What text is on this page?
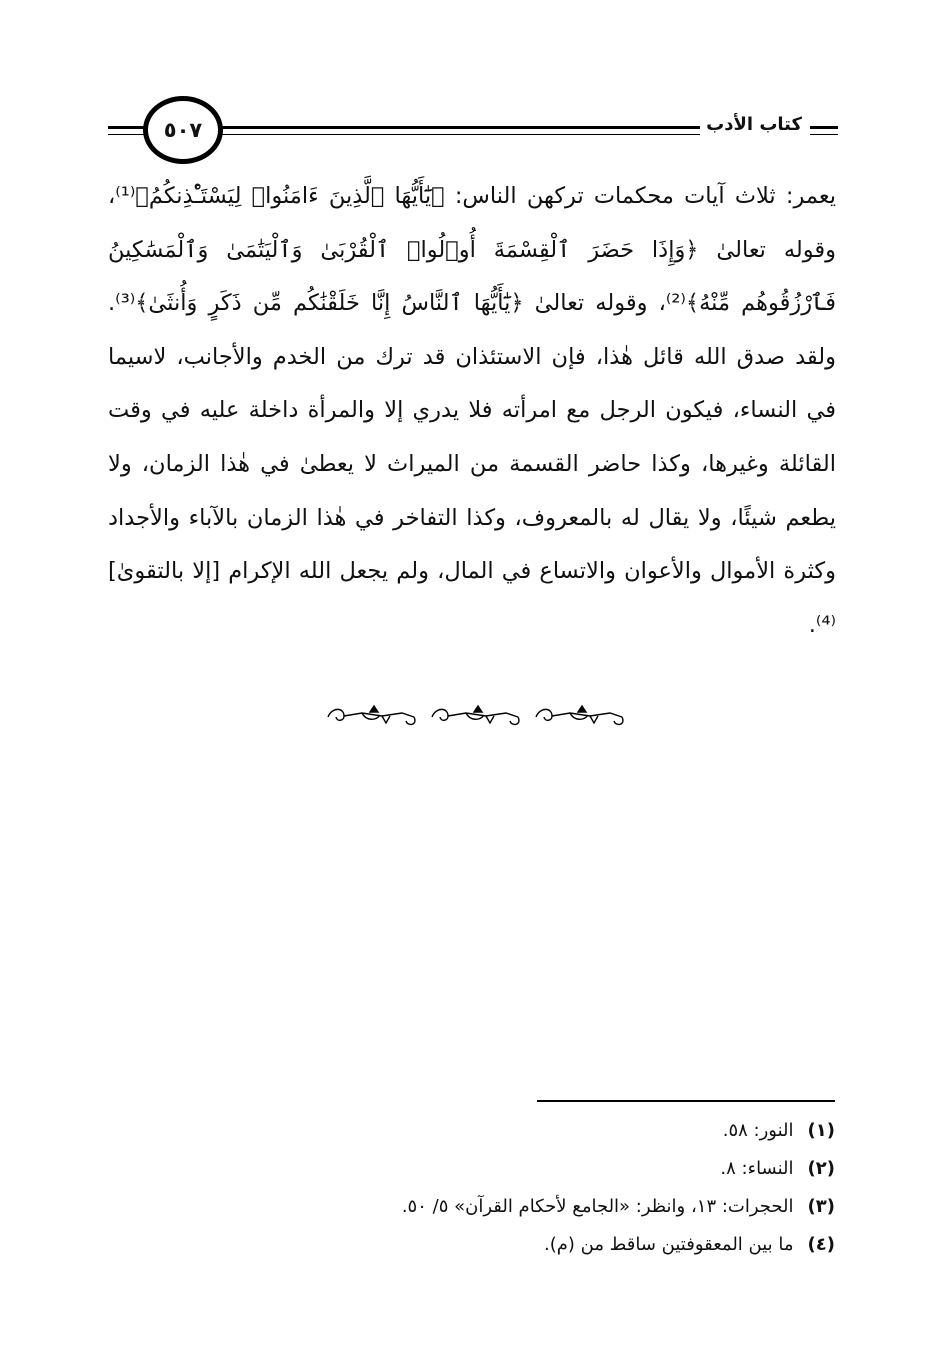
٥٠٧	كتاب الأدب

يعمر: ثلاث آيات محكمات تركهن الناس: ﴿يَٰٓأَيُّهَا ٱلَّذِينَ ءَامَنُوا۟ لِيَسْتَـْٔذِنكُمُ﴾⁽¹⁾، وقوله تعالىٰ ﴿وَإِذَا حَضَرَ ٱلْقِسْمَةَ أُو۟لُوا۟ ٱلْقُرْبَىٰ وَٱلْيَتَٰمَىٰ وَٱلْمَسَٰكِينُ فَٱرْزُقُوهُم مِّنْهُ﴾⁽²⁾، وقوله تعالىٰ ﴿يَٰٓأَيُّهَا ٱلنَّاسُ إِنَّا خَلَقْنَٰكُم مِّن ذَكَرٍ وَأُنثَىٰ﴾⁽³⁾. ولقد صدق الله قائل هٰذا، فإن الاستئذان قد ترك من الخدم والأجانب، لاسيما في النساء، فيكون الرجل مع امرأته فلا يدري إلا والمرأة داخلة عليه في وقت القائلة وغيرها، وكذا حاضر القسمة من الميراث لا يعطىٰ في هٰذا الزمان، ولا يطعم شيئًا، ولا يقال له بالمعروف، وكذا التفاخر في هٰذا الزمان بالآباء والأجداد وكثرة الأموال والأعوان والاتساع في المال، ولم يجعل الله الإكرام [إلا بالتقوىٰ]⁽⁴⁾.

(١)
النور: ٥٨.
(٢)
النساء: ٨.
(٣)
الحجرات: ١٣، وانظر: «الجامع لأحكام القرآن» ٥/ ٥٠.
(٤)
ما بين المعقوفتين ساقط من (م).
